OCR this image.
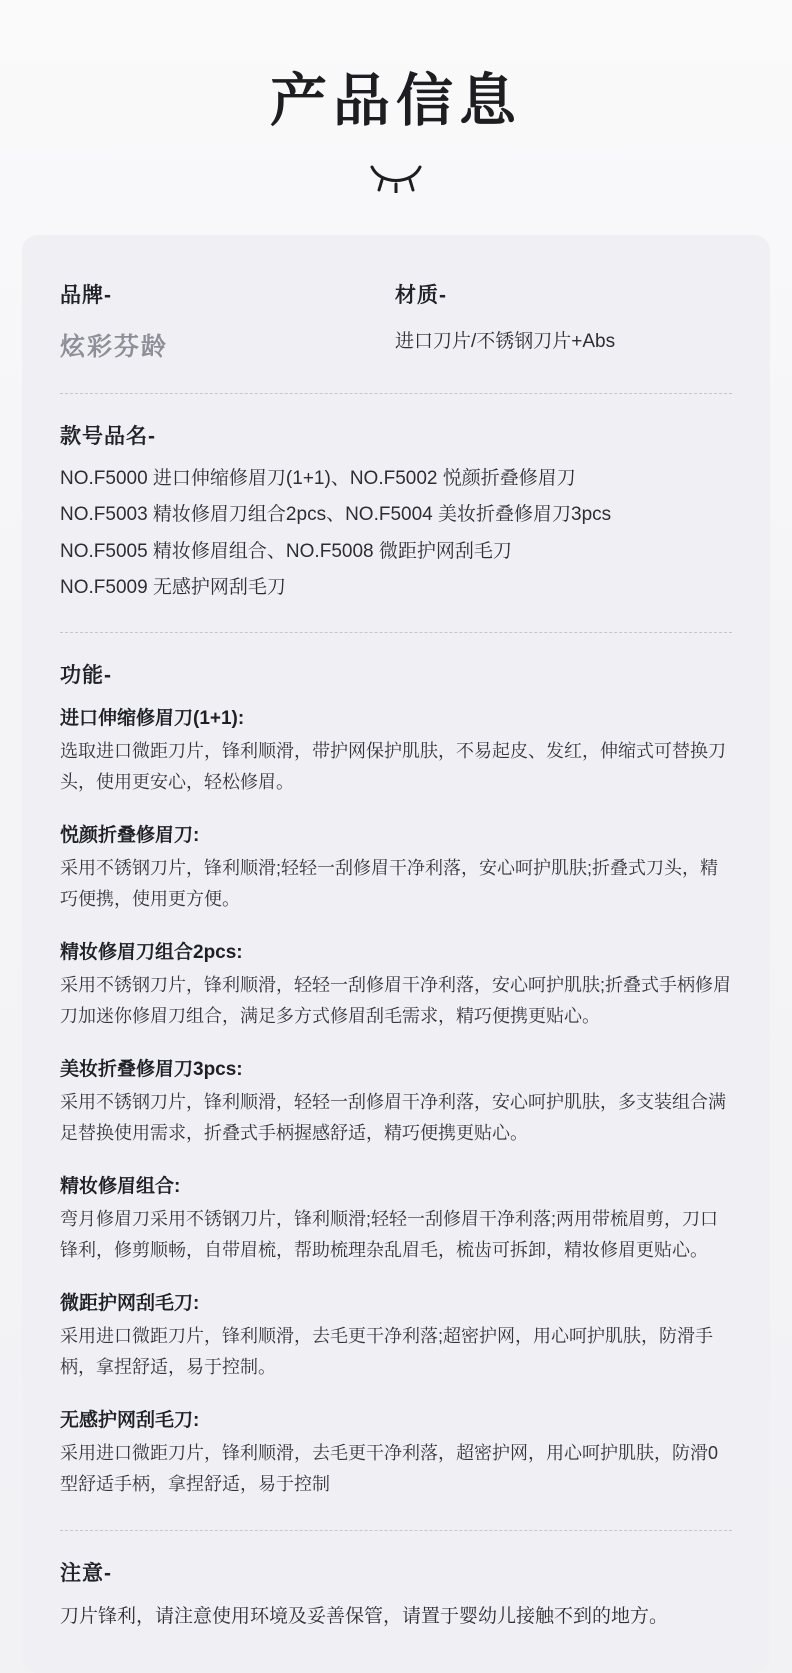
产品信息

品牌-

炫彩芬龄

材质-

进口刀片/不锈钢刀片+Abs

款号品名-

NO.F5000 进口伸缩修眉刀(1+1)、NO.F5002 悦颜折叠修眉刀

NO.F5003 精妆修眉刀组合2pcs、NO.F5004 美妆折叠修眉刀3pcs

NO.F5005 精妆修眉组合、NO.F5008 微距护网刮毛刀

NO.F5009 无感护网刮毛刀

功能-

进口伸缩修眉刀(1+1):

选取进口微距刀片，锋利顺滑，带护网保护肌肤，不易起皮、发红，伸缩式可替换刀头，使用更安心，轻松修眉。

悦颜折叠修眉刀:

采用不锈钢刀片，锋利顺滑;轻轻一刮修眉干净利落，安心呵护肌肤;折叠式刀头，精巧便携，使用更方便。

精妆修眉刀组合2pcs:

采用不锈钢刀片，锋利顺滑，轻轻一刮修眉干净利落，安心呵护肌肤;折叠式手柄修眉刀加迷你修眉刀组合，满足多方式修眉刮毛需求，精巧便携更贴心。

美妆折叠修眉刀3pcs:

采用不锈钢刀片，锋利顺滑，轻轻一刮修眉干净利落，安心呵护肌肤，多支装组合满足替换使用需求，折叠式手柄握感舒适，精巧便携更贴心。

精妆修眉组合:

弯月修眉刀采用不锈钢刀片，锋利顺滑;轻轻一刮修眉干净利落;两用带梳眉剪，刀口锋利，修剪顺畅，自带眉梳，帮助梳理杂乱眉毛，梳齿可拆卸，精妆修眉更贴心。

微距护网刮毛刀:

采用进口微距刀片，锋利顺滑，去毛更干净利落;超密护网，用心呵护肌肤，防滑手柄，拿捏舒适，易于控制。

无感护网刮毛刀:

采用进口微距刀片，锋利顺滑，去毛更干净利落，超密护网，用心呵护肌肤，防滑0型舒适手柄，拿捏舒适，易于控制

注意-

刀片锋利，请注意使用环境及妥善保管，请置于婴幼儿接触不到的地方。
